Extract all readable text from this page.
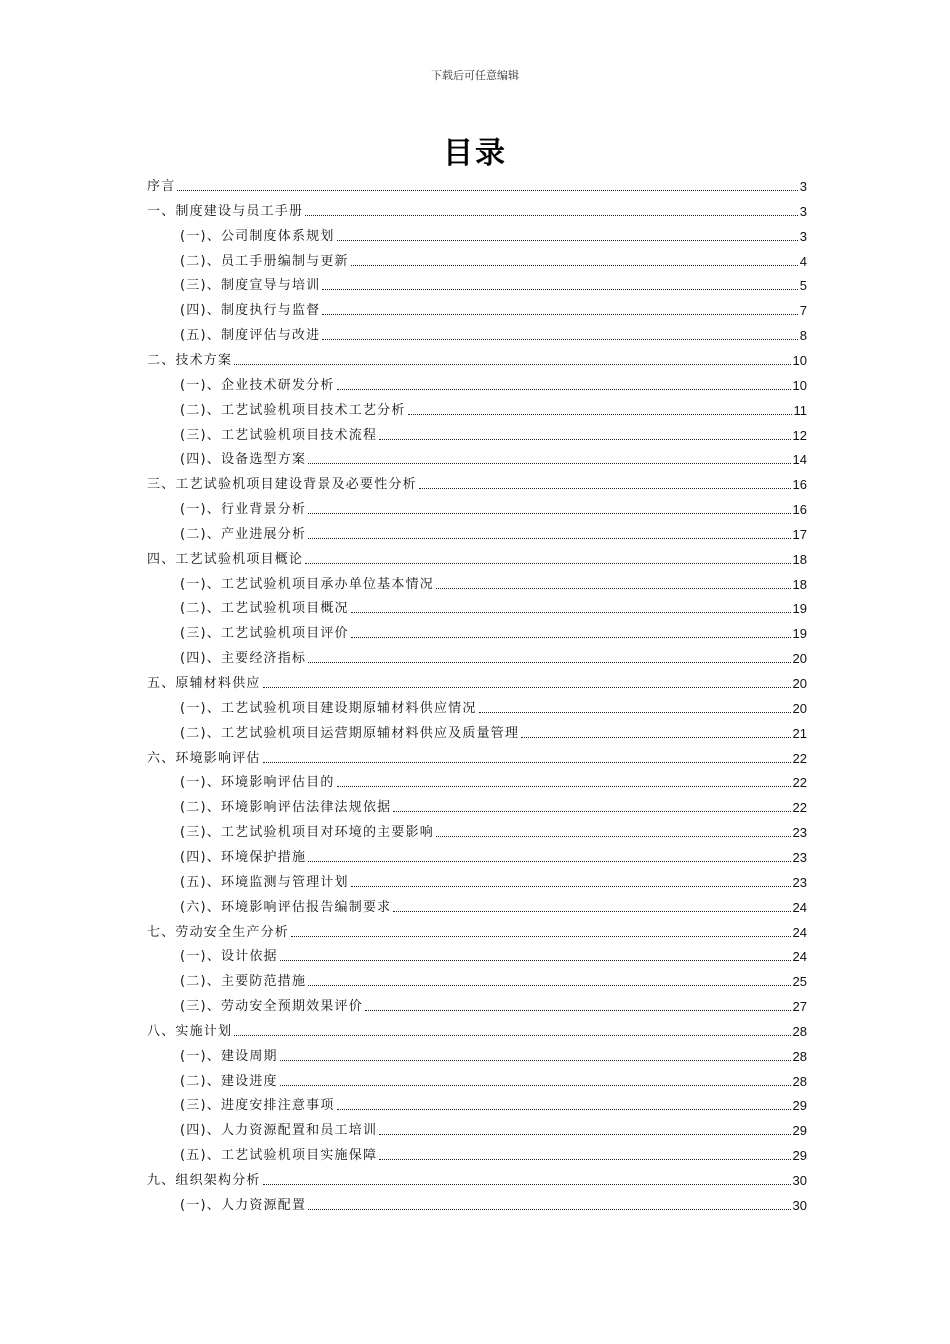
下载后可任意编辑
目录
序言	3
一、制度建设与员工手册	3
(一)、公司制度体系规划	3
(二)、员工手册编制与更新	4
(三)、制度宣导与培训	5
(四)、制度执行与监督	7
(五)、制度评估与改进	8
二、技术方案	10
(一)、企业技术研发分析	10
(二)、工艺试验机项目技术工艺分析	11
(三)、工艺试验机项目技术流程	12
(四)、设备选型方案	14
三、工艺试验机项目建设背景及必要性分析	16
(一)、行业背景分析	16
(二)、产业进展分析	17
四、工艺试验机项目概论	18
(一)、工艺试验机项目承办单位基本情况	18
(二)、工艺试验机项目概况	19
(三)、工艺试验机项目评价	19
(四)、主要经济指标	20
五、原辅材料供应	20
(一)、工艺试验机项目建设期原辅材料供应情况	20
(二)、工艺试验机项目运营期原辅材料供应及质量管理	21
六、环境影响评估	22
(一)、环境影响评估目的	22
(二)、环境影响评估法律法规依据	22
(三)、工艺试验机项目对环境的主要影响	23
(四)、环境保护措施	23
(五)、环境监测与管理计划	23
(六)、环境影响评估报告编制要求	24
七、劳动安全生产分析	24
(一)、设计依据	24
(二)、主要防范措施	25
(三)、劳动安全预期效果评价	27
八、实施计划	28
(一)、建设周期	28
(二)、建设进度	28
(三)、进度安排注意事项	29
(四)、人力资源配置和员工培训	29
(五)、工艺试验机项目实施保障	29
九、组织架构分析	30
(一)、人力资源配置	30
